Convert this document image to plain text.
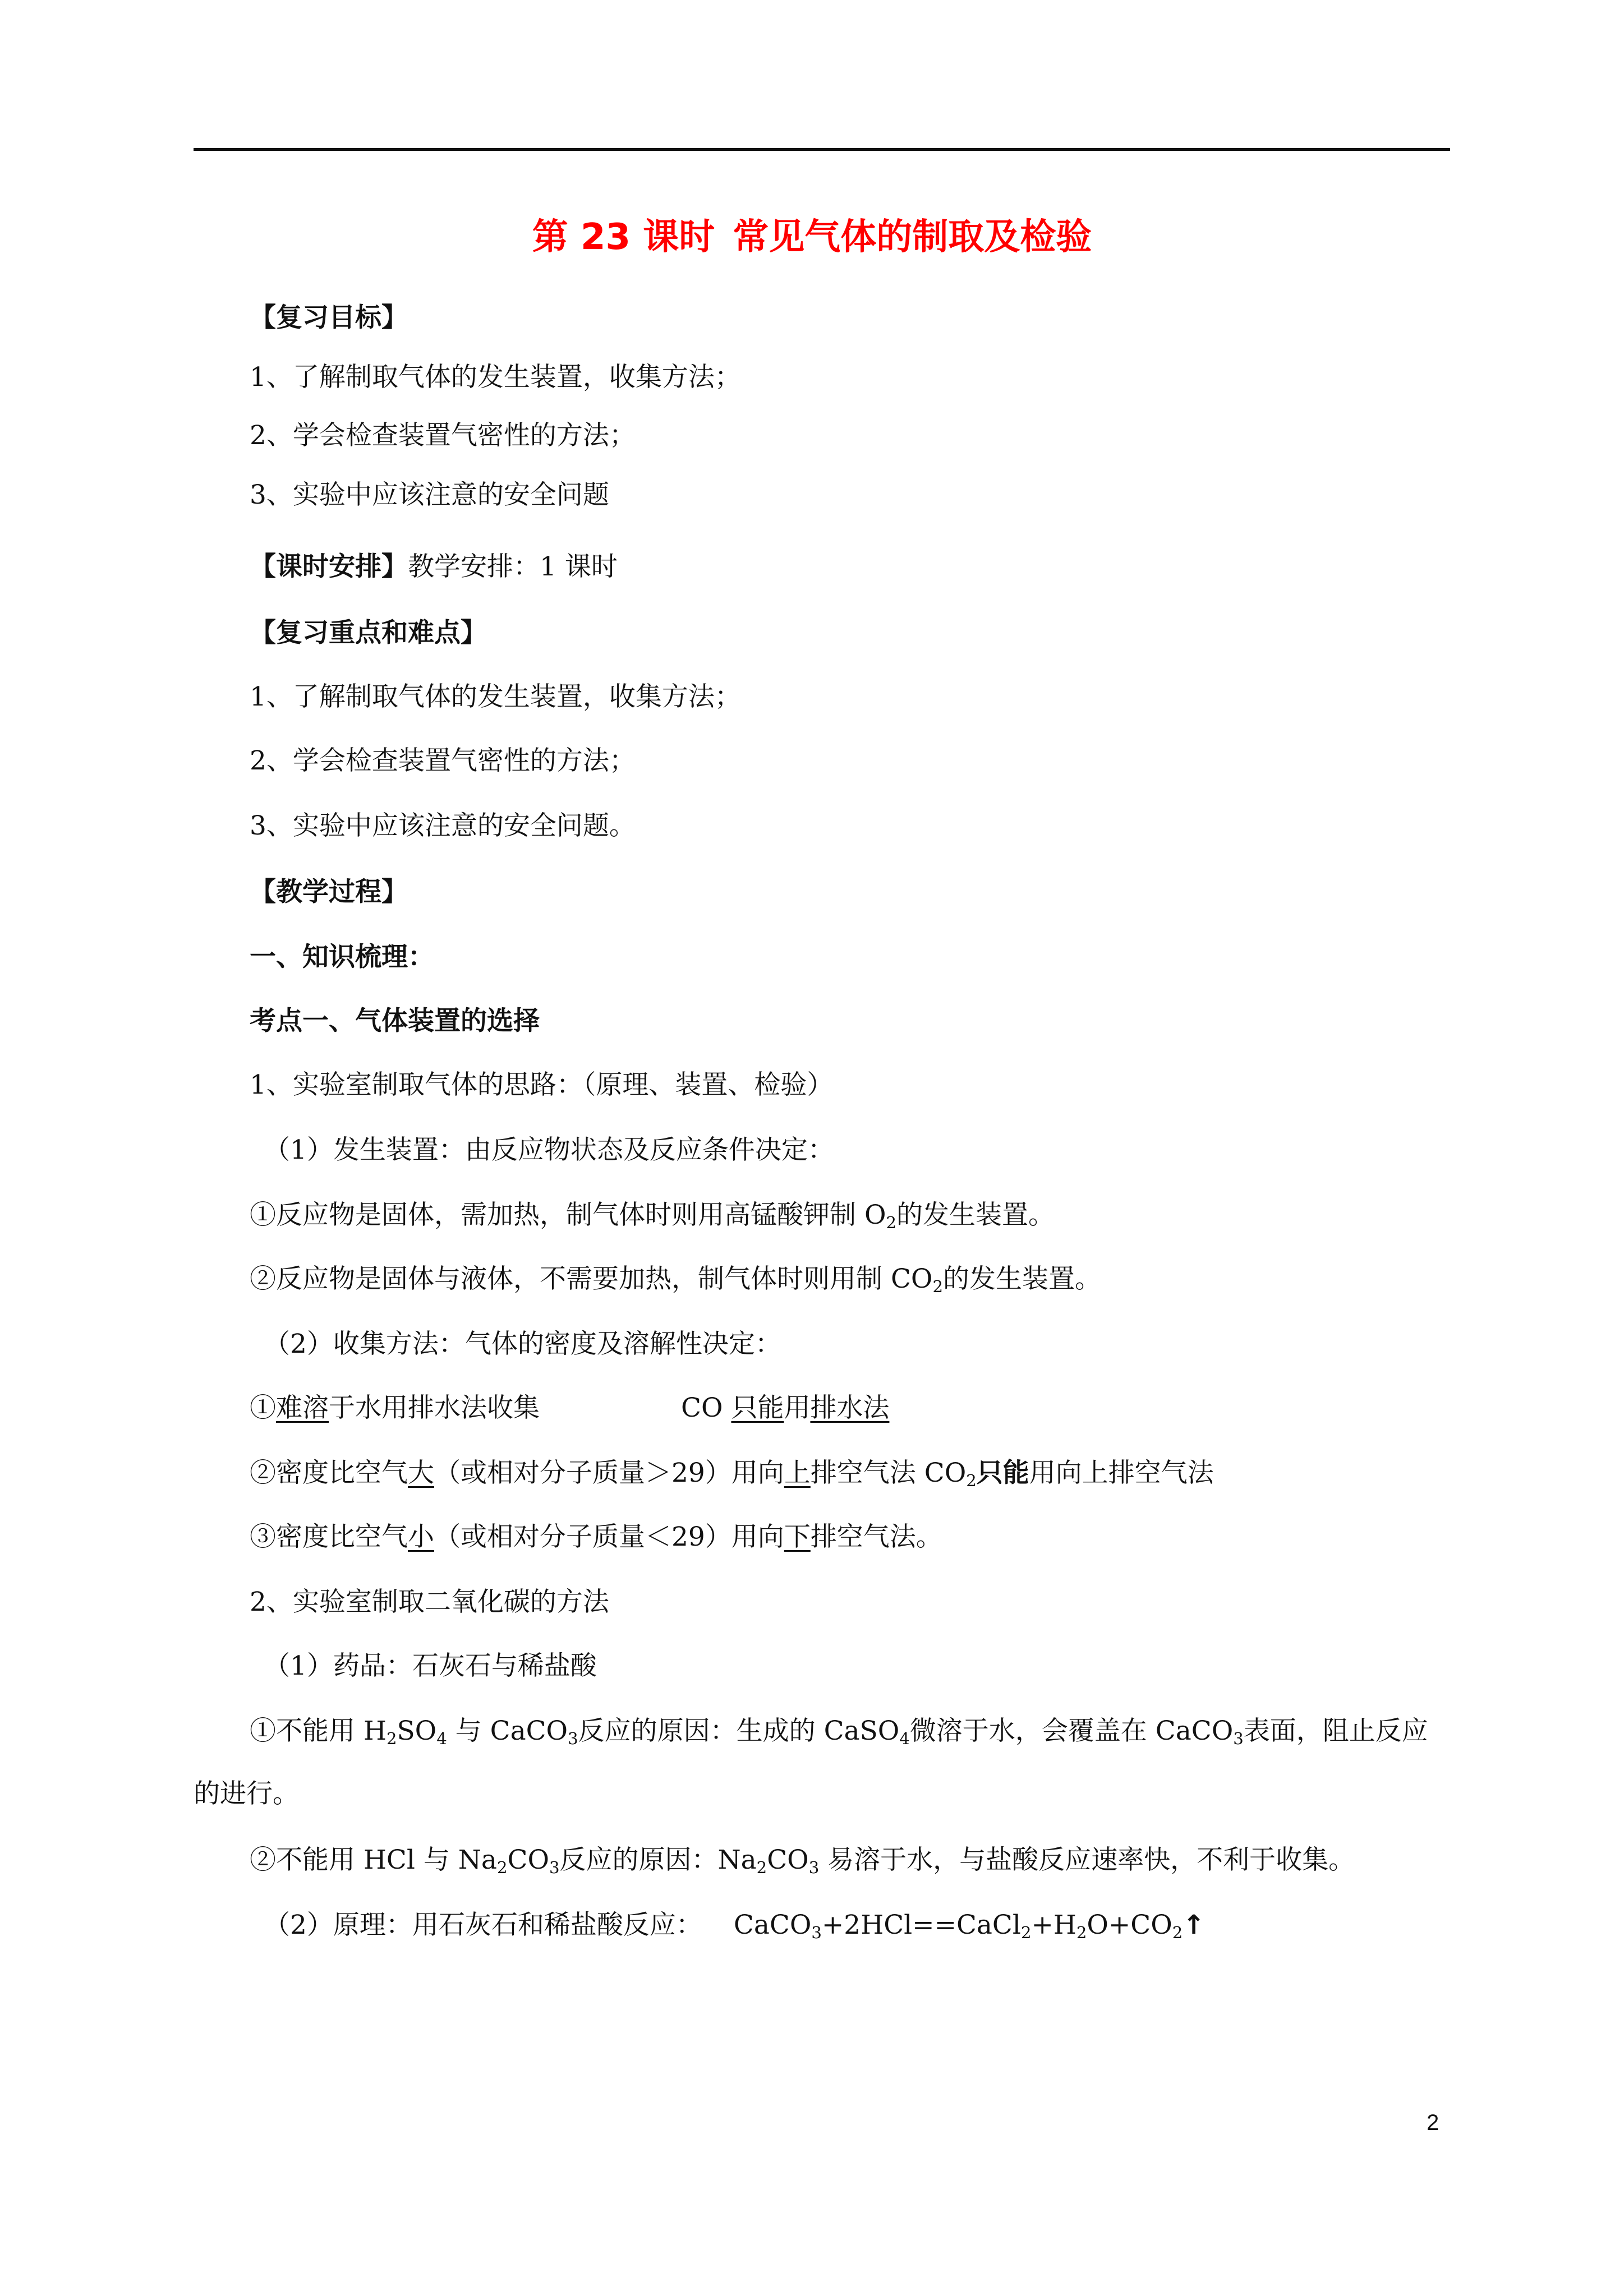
第 23 课时 常见气体的制取及检验
【复习目标】
1、了解制取气体的发生装置，收集方法；
2、学会检查装置气密性的方法；
3、实验中应该注意的安全问题
【课时安排】教学安排：1 课时
【复习重点和难点】
1、了解制取气体的发生装置，收集方法；
2、学会检查装置气密性的方法；
3、实验中应该注意的安全问题。
【教学过程】
一、知识梳理：
考点一、气体装置的选择
1、实验室制取气体的思路：（原理、装置、检验）
（1）发生装置：由反应物状态及反应条件决定：
①反应物是固体，需加热，制气体时则用高锰酸钾制 $O_2$的发生装置。
②反应物是固体与液体，不需要加热，制气体时则用制 $CO_2$的发生装置。
（2）收集方法：气体的密度及溶解性决定：
①难溶于水用排水法收集	CO 只能用排水法
②密度比空气大（或相对分子质量＞29）用向上排空气法 $CO_2$只能用向上排空气法
③密度比空气小（或相对分子质量＜29）用向下排空气法。
2、实验室制取二氧化碳的方法
（1）药品：石灰石与稀盐酸
①不能用 $H_2SO_4$ 与 CaCO$_3$反应的原因：生成的 CaSO$_4$微溶于水，会覆盖在 CaCO$_3$表面，阻止反应
的进行。
②不能用 HCl 与 $Na_2CO_3$反应的原因：$Na_2CO_3$ 易溶于水，与盐酸反应速率快，不利于收集。
（2）原理：用石灰石和稀盐酸反应： $CaCO_3+2HCl==CaCl_2+H_2O+CO_2↑$
2
